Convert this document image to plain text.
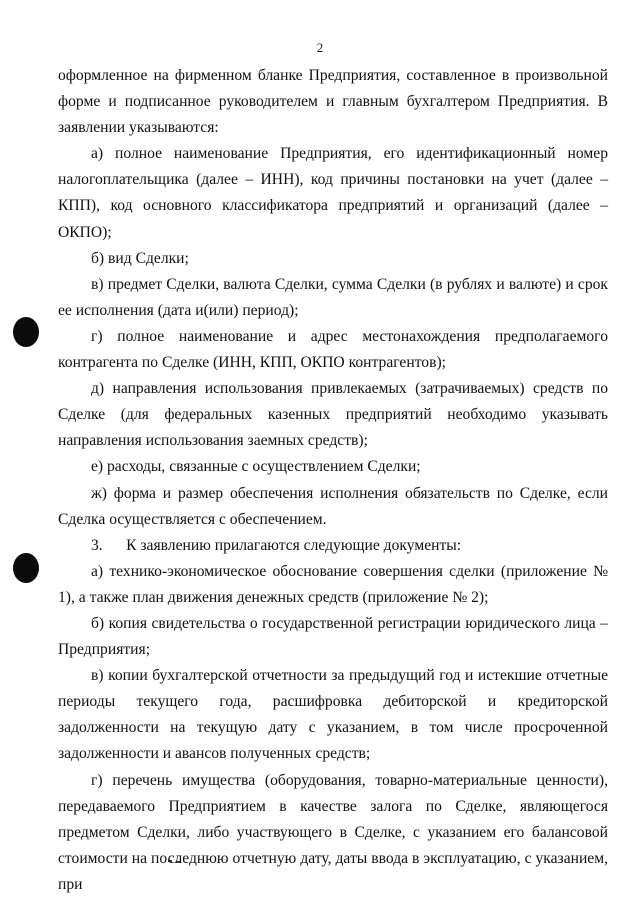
2

оформленное на фирменном бланке Предприятия, составленное в произвольной форме и подписанное руководителем и главным бухгалтером Предприятия. В заявлении указываются:

а) полное наименование Предприятия, его идентификационный номер налогоплательщика (далее – ИНН), код причины постановки на учет (далее – КПП), код основного классификатора предприятий и организаций (далее – ОКПО);

б) вид Сделки;

в) предмет Сделки, валюта Сделки, сумма Сделки (в рублях и валюте) и срок ее исполнения (дата и(или) период);

г) полное наименование и адрес местонахождения предполагаемого контрагента по Сделке (ИНН, КПП, ОКПО контрагентов);

д) направления использования привлекаемых (затрачиваемых) средств по Сделке (для федеральных казенных предприятий необходимо указывать направления использования заемных средств);

е) расходы, связанные с осуществлением Сделки;

ж) форма и размер обеспечения исполнения обязательств по Сделке, если Сделка осуществляется с обеспечением.

3.      К заявлению прилагаются следующие документы:

а) технико-экономическое обоснование совершения сделки (приложение № 1), а также план движения денежных средств (приложение № 2);

б) копия свидетельства о государственной регистрации юридического лица – Предприятия;

в) копии бухгалтерской отчетности за предыдущий год и истекшие отчетные периоды текущего года, расшифровка дебиторской и кредиторской задолженности на текущую дату с указанием, в том числе просроченной задолженности и авансов полученных средств;

г) перечень имущества (оборудования, товарно-материальные ценности), передаваемого Предприятием в качестве залога по Сделке, являющегося предметом Сделки, либо участвующего в Сделке, с указанием его балансовой стоимости на последнюю отчетную дату, даты ввода в эксплуатацию, с указанием, при
